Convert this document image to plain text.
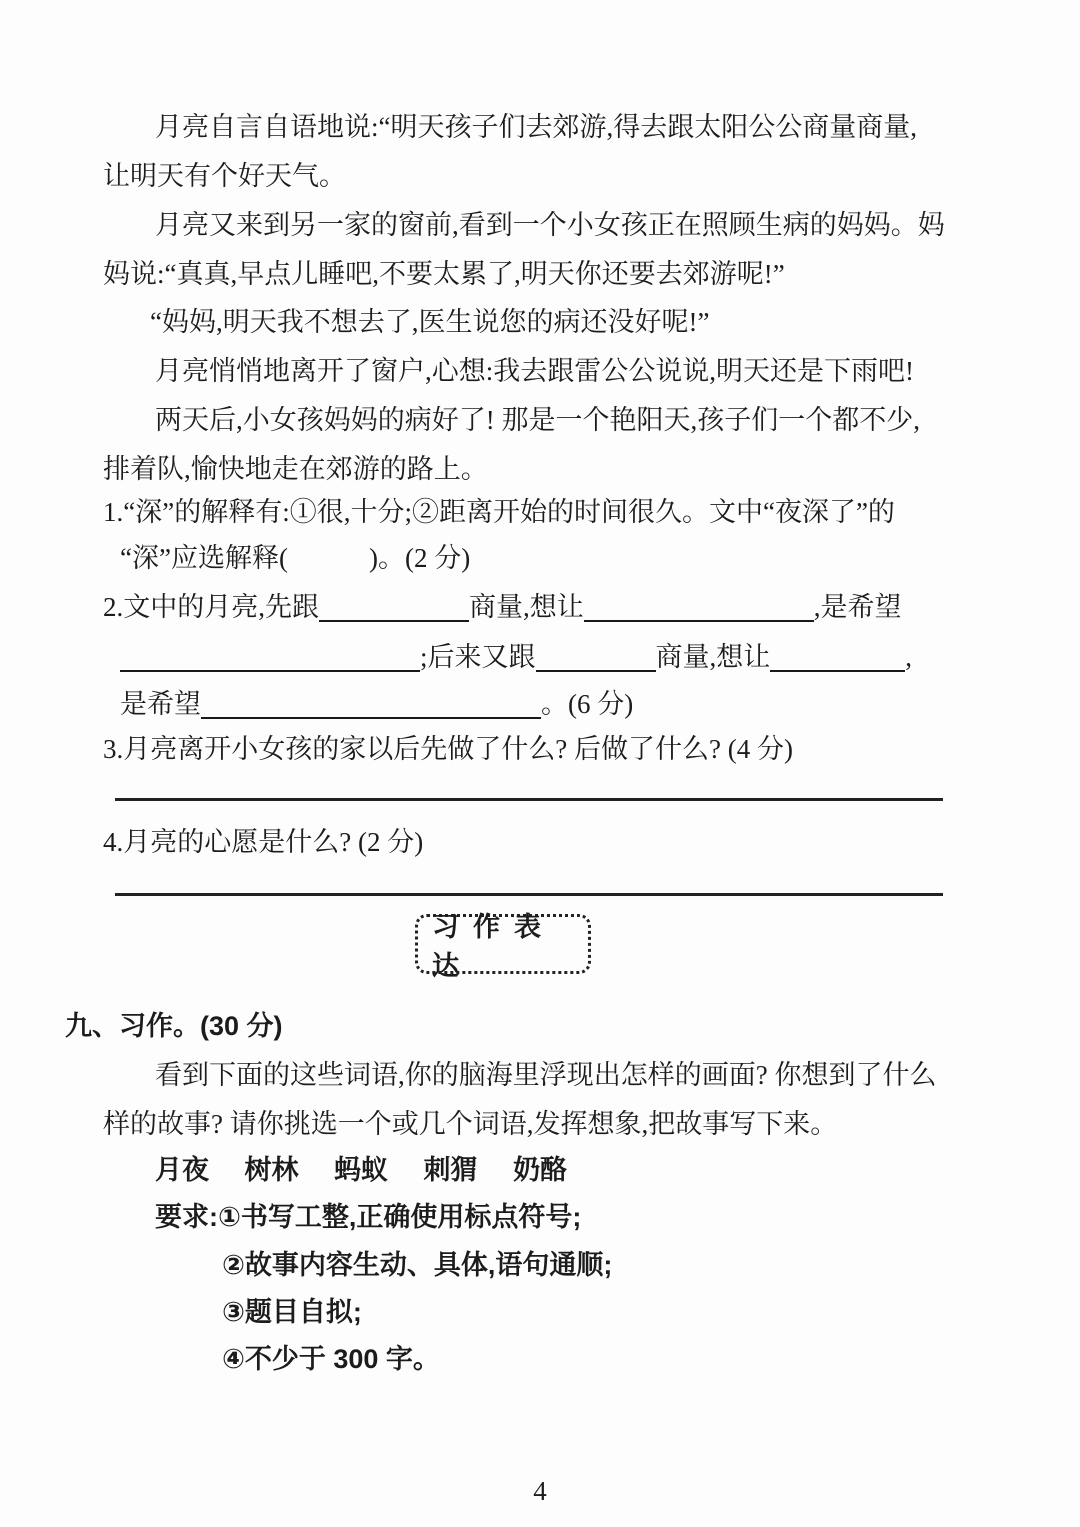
月亮自言自语地说:“明天孩子们去郊游,得去跟太阳公公商量商量,
让明天有个好天气。
月亮又来到另一家的窗前,看到一个小女孩正在照顾生病的妈妈。妈
妈说:“真真,早点儿睡吧,不要太累了,明天你还要去郊游呢!”
“妈妈,明天我不想去了,医生说您的病还没好呢!”
月亮悄悄地离开了窗户,心想:我去跟雷公公说说,明天还是下雨吧!
两天后,小女孩妈妈的病好了! 那是一个艳阳天,孩子们一个都不少,
排着队,愉快地走在郊游的路上。
1.“深”的解释有:①很,十分;②距离开始的时间很久。文中“夜深了”的
“深”应选解释(　　　)。(2 分)
2.文中的月亮,先跟	商量,想让	,是希望
;后来又跟	商量,想让	,
是希望	。(6 分)
3.月亮离开小女孩的家以后先做了什么? 后做了什么? (4 分)
4.月亮的心愿是什么? (2 分)
习作表达
九、习作。(30 分)
看到下面的这些词语,你的脑海里浮现出怎样的画面? 你想到了什么
样的故事? 请你挑选一个或几个词语,发挥想象,把故事写下来。
月夜 树林 蚂蚁 刺猬 奶酪
要求:①书写工整,正确使用标点符号;
②故事内容生动、具体,语句通顺;
③题目自拟;
④不少于 300 字。
4
